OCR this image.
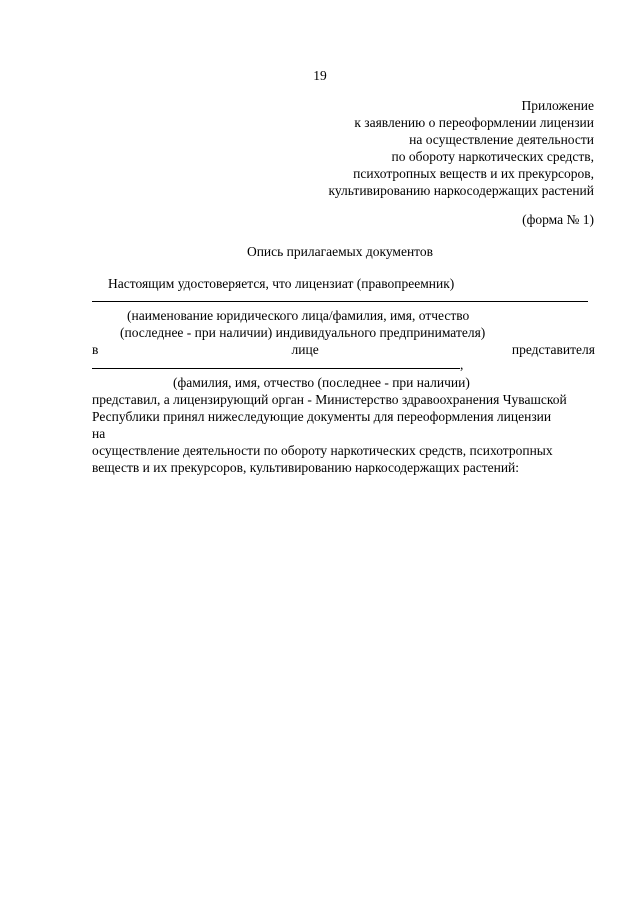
19
Приложение
к заявлению о переоформлении лицензии
на осуществление деятельности
по обороту наркотических средств,
психотропных веществ и их прекурсоров,
культивированию наркосодержащих растений
(форма № 1)
Опись прилагаемых документов
Настоящим удостоверяется, что лицензиат (правопреемник)
(наименование юридического лица/фамилия, имя, отчество
(последнее - при наличии) индивидуального предпринимателя)
в	лице	представителя
,
(фамилия, имя, отчество (последнее - при наличии)
представил, а лицензирующий орган - Министерство здравоохранения Чувашской
Республики принял нижеследующие документы для переоформления лицензии
на
осуществление деятельности по обороту наркотических средств, психотропных
веществ и их прекурсоров, культивированию наркосодержащих растений:
